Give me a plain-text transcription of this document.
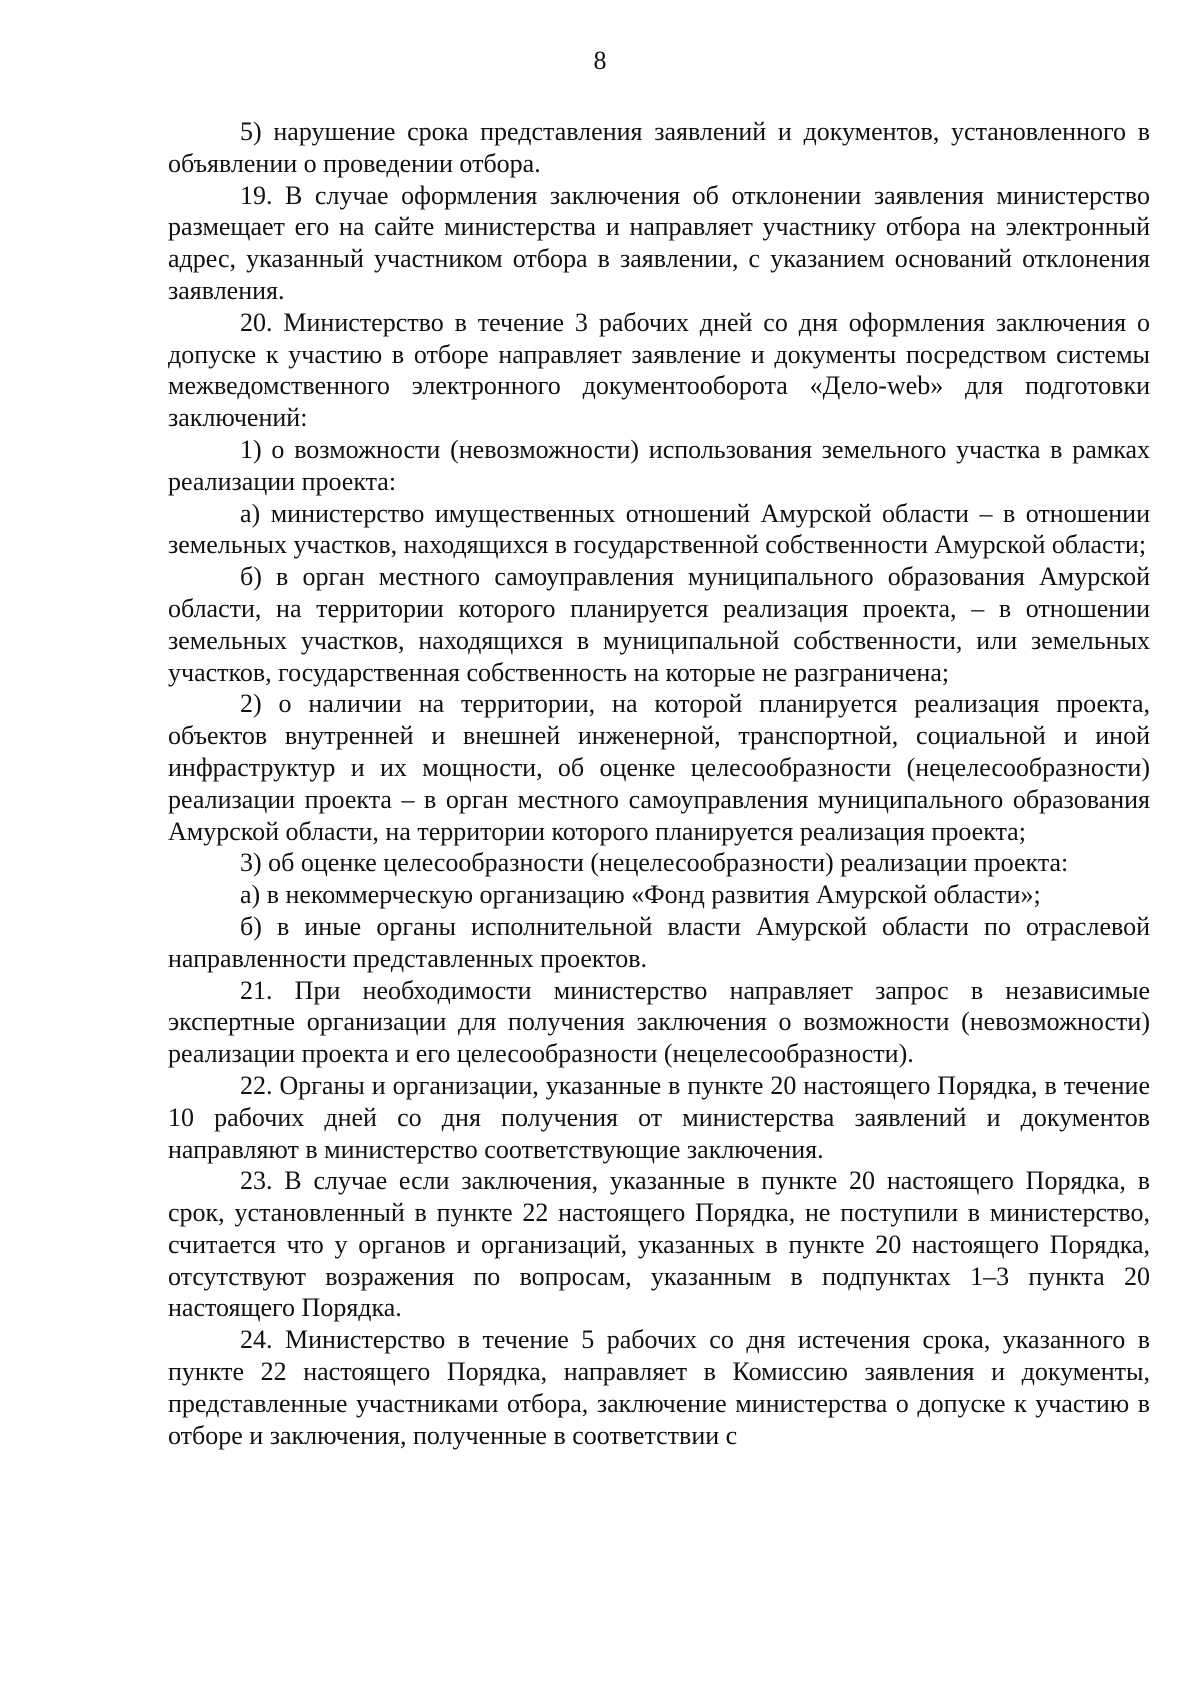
8

5) нарушение срока представления заявлений и документов, установленного в объявлении о проведении отбора.

19. В случае оформления заключения об отклонении заявления министерство размещает его на сайте министерства и направляет участнику отбора на электронный адрес, указанный участником отбора в заявлении, с указанием оснований отклонения заявления.

20. Министерство в течение 3 рабочих дней со дня оформления заключения о допуске к участию в отборе направляет заявление и документы посредством системы межведомственного электронного документооборота «Дело-web» для подготовки заключений:

1) о возможности (невозможности) использования земельного участка в рамках реализации проекта:

а) министерство имущественных отношений Амурской области – в отношении земельных участков, находящихся в государственной собственности Амурской области;

б) в орган местного самоуправления муниципального образования Амурской области, на территории которого планируется реализация проекта, – в отношении земельных участков, находящихся в муниципальной собственности, или земельных участков, государственная собственность на которые не разграничена;

2) о наличии на территории, на которой планируется реализация проекта, объектов внутренней и внешней инженерной, транспортной, социальной и иной инфраструктур и их мощности, об оценке целесообразности (нецелесообразности) реализации проекта – в орган местного самоуправления муниципального образования Амурской области, на территории которого планируется реализация проекта;

3) об оценке целесообразности (нецелесообразности) реализации проекта:

а) в некоммерческую организацию «Фонд развития Амурской области»;

б) в иные органы исполнительной власти Амурской области по отраслевой направленности представленных проектов.

21. При необходимости министерство направляет запрос в независимые экспертные организации для получения заключения о возможности (невозможности) реализации проекта и его целесообразности (нецелесообразности).

22. Органы и организации, указанные в пункте 20 настоящего Порядка, в течение 10 рабочих дней со дня получения от министерства заявлений и документов направляют в министерство соответствующие заключения.

23. В случае если заключения, указанные в пункте 20 настоящего Порядка, в срок, установленный в пункте 22 настоящего Порядка, не поступили в министерство, считается что у органов и организаций, указанных в пункте 20 настоящего Порядка, отсутствуют возражения по вопросам, указанным в подпунктах 1–3 пункта 20 настоящего Порядка.

24. Министерство в течение 5 рабочих со дня истечения срока, указанного в пункте 22 настоящего Порядка, направляет в Комиссию заявления и документы, представленные участниками отбора, заключение министерства о допуске к участию в отборе и заключения, полученные в соответствии с
